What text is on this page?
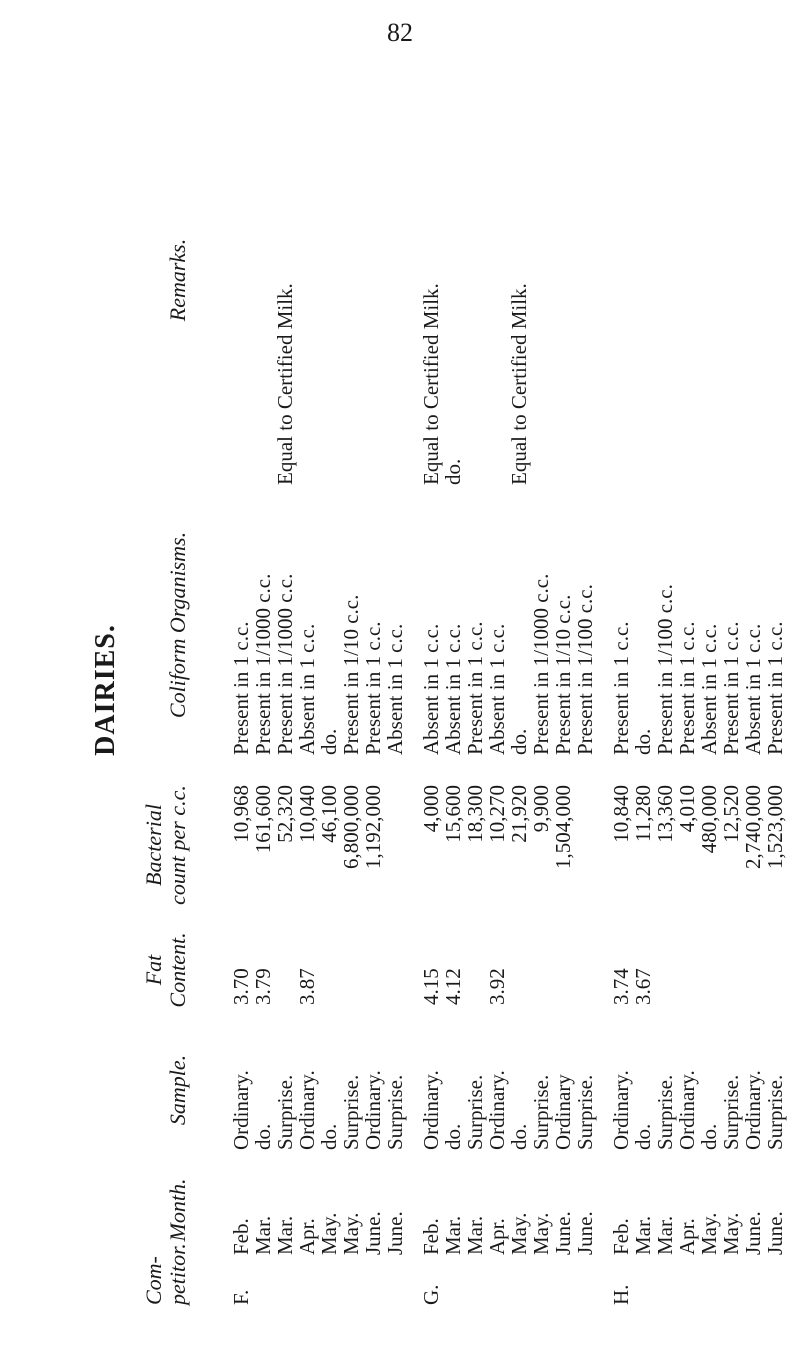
82
DAIRIES.
Com- petitor.
Month.
Sample.
Fat Content.
Bacterial count per c.c.
Coliform Organisms.
Remarks.
F.
Feb.
Ordinary.
3.70
10,968
Present in 1 c.c.
Mar.
do.
3.79
161,600
Present in 1/1000 c.c.
Mar.
Surprise.
52,320
Present in 1/1000 c.c.
Equal to Certified Milk.
Apr.
Ordinary.
3.87
10,040
Absent in 1 c.c.
May.
do.
46,100
do.
May.
Surprise.
6,800,000
Present in 1/10 c.c.
June.
Ordinary.
1,192,000
Present in 1 c.c.
June.
Surprise.
Absent in 1 c.c.
G.
Feb.
Ordinary.
4.15
4,000
Absent in 1 c.c.
Equal to Certified Milk.
Mar.
do.
4.12
15,600
Absent in 1 c.c.
do.
Mar.
Surprise.
18,300
Present in 1 c.c.
Apr.
Ordinary.
3.92
10,270
Absent in 1 c.c.
May.
do.
21,920
do.
Equal to Certified Milk.
May.
Surprise.
9,900
Present in 1/1000 c.c.
June.
Ordinary
1,504,000
Present in 1/10 c.c.
June.
Surprise.
Present in 1/100 c.c.
H.
Feb.
Ordinary.
3.74
10,840
Present in 1 c.c.
Mar.
do.
3.67
11,280
do.
Mar.
Surprise.
13,360
Present in 1/100 c.c.
Apr.
Ordinary.
4,010
Present in 1 c.c.
May.
do.
480,000
Absent in 1 c.c.
May.
Surprise.
12,520
Present in 1 c.c.
June.
Ordinary.
2,740,000
Absent in 1 c.c.
June.
Surprise.
1,523,000
Present in 1 c.c.
